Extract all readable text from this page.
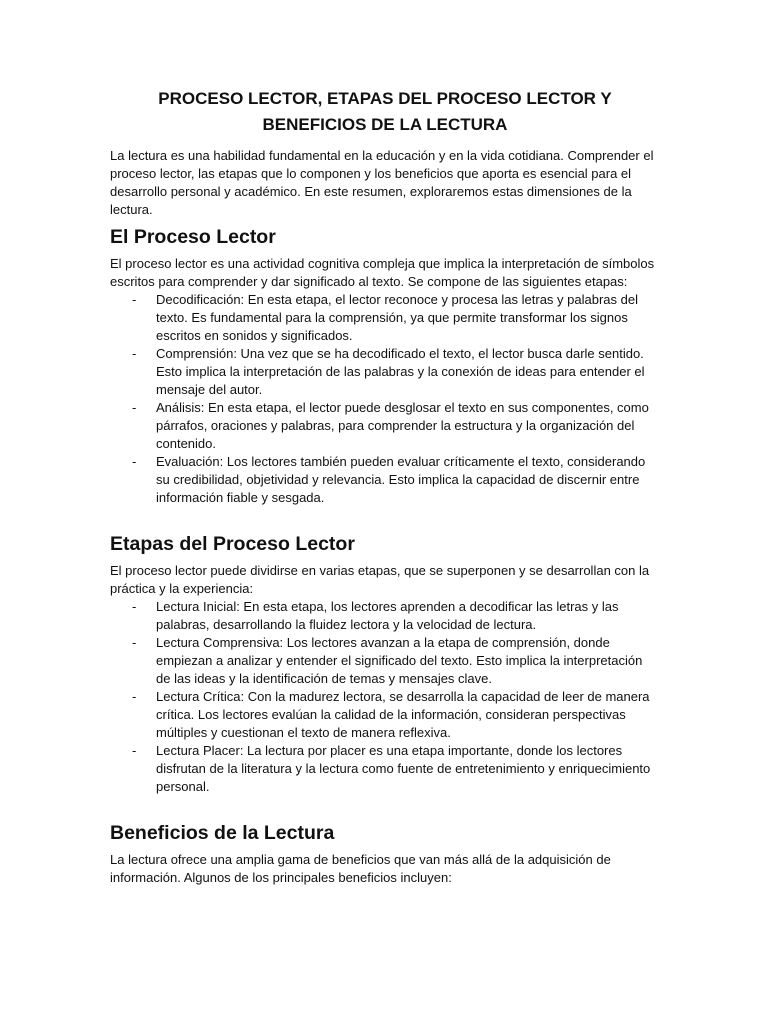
PROCESO LECTOR, ETAPAS DEL PROCESO LECTOR Y BENEFICIOS DE LA LECTURA

La lectura es una habilidad fundamental en la educación y en la vida cotidiana. Comprender el proceso lector, las etapas que lo componen y los beneficios que aporta es esencial para el desarrollo personal y académico. En este resumen, exploraremos estas dimensiones de la lectura.

El Proceso Lector

El proceso lector es una actividad cognitiva compleja que implica la interpretación de símbolos escritos para comprender y dar significado al texto. Se compone de las siguientes etapas:

- Decodificación: En esta etapa, el lector reconoce y procesa las letras y palabras del texto. Es fundamental para la comprensión, ya que permite transformar los signos escritos en sonidos y significados.
- Comprensión: Una vez que se ha decodificado el texto, el lector busca darle sentido. Esto implica la interpretación de las palabras y la conexión de ideas para entender el mensaje del autor.
- Análisis: En esta etapa, el lector puede desglosar el texto en sus componentes, como párrafos, oraciones y palabras, para comprender la estructura y la organización del contenido.
- Evaluación: Los lectores también pueden evaluar críticamente el texto, considerando su credibilidad, objetividad y relevancia. Esto implica la capacidad de discernir entre información fiable y sesgada.
Etapas del Proceso Lector

El proceso lector puede dividirse en varias etapas, que se superponen y se desarrollan con la práctica y la experiencia:

- Lectura Inicial: En esta etapa, los lectores aprenden a decodificar las letras y las palabras, desarrollando la fluidez lectora y la velocidad de lectura.
- Lectura Comprensiva: Los lectores avanzan a la etapa de comprensión, donde empiezan a analizar y entender el significado del texto. Esto implica la interpretación de las ideas y la identificación de temas y mensajes clave.
- Lectura Crítica: Con la madurez lectora, se desarrolla la capacidad de leer de manera crítica. Los lectores evalúan la calidad de la información, consideran perspectivas múltiples y cuestionan el texto de manera reflexiva.
- Lectura Placer: La lectura por placer es una etapa importante, donde los lectores disfrutan de la literatura y la lectura como fuente de entretenimiento y enriquecimiento personal.
Beneficios de la Lectura

La lectura ofrece una amplia gama de beneficios que van más allá de la adquisición de información. Algunos de los principales beneficios incluyen:
